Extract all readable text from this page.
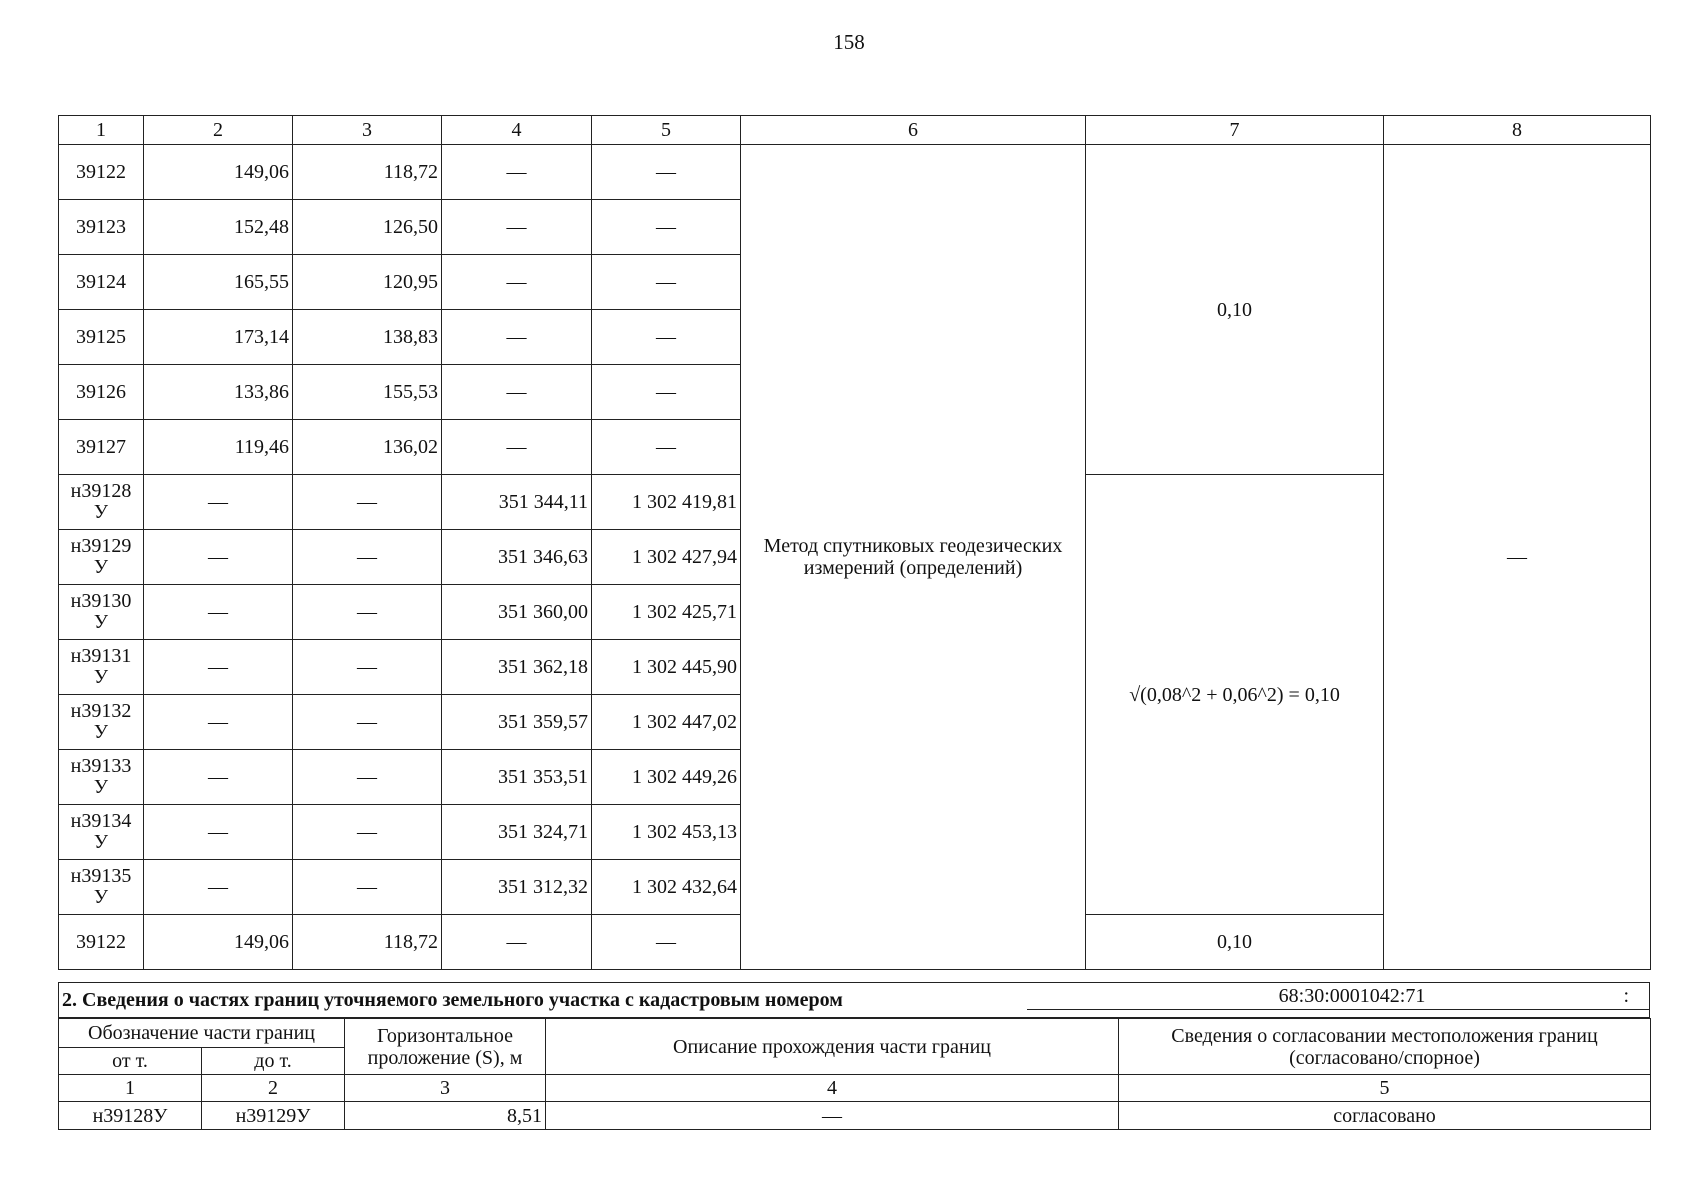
158
1	2	3	4	5	6	7	8
39122	149,06	118,72	—	—	Метод спутниковых геодезических измерений (определений)	0,10	—
39123	152,48	126,50	—	—			
39124	165,55	120,95	—	—			
39125	173,14	138,83	—	—			
39126	133,86	155,53	—	—			
39127	119,46	136,02	—	—			
н39128 У	—	—	351 344,11	1 302 419,81		√(0,08^2 + 0,06^2) = 0,10	
н39129 У	—	—	351 346,63	1 302 427,94			
н39130 У	—	—	351 360,00	1 302 425,71			
н39131 У	—	—	351 362,18	1 302 445,90			
н39132 У	—	—	351 359,57	1 302 447,02			
н39133 У	—	—	351 353,51	1 302 449,26			
н39134 У	—	—	351 324,71	1 302 453,13			
н39135 У	—	—	351 312,32	1 302 432,64			
39122	149,06	118,72	—	—		0,10	
2. Сведения о частях границ уточняемого земельного участка с кадастровым номером	68:30:0001042:71	:
Обозначение части границ		Горизонтальное проложение (S), м	Описание прохождения части границ	Сведения о согласовании местоположения границ (согласовано/спорное)
от т.	до т.			
1	2	3	4	5
н39128У	н39129У	8,51	—	согласовано
